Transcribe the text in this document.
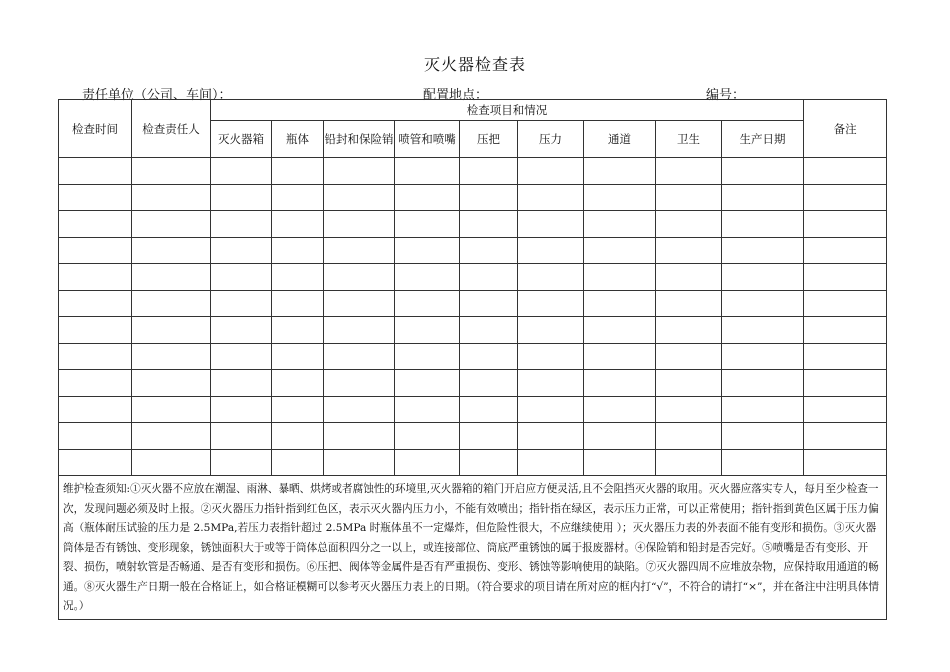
灭火器检查表
责任单位（公司、车间）：	配置地点：	编号：
检查时间	检查责任人	检查项目和情况									备注
		灭火器箱	瓶体	铅封和保险销	喷管和喷嘴	压把	压力	通道	卫生	生产日期	

维护检查须知:①灭火器不应放在潮湿、雨淋、暴晒、烘烤或者腐蚀性的环境里,灭火器箱的箱门开启应方便灵活,且不会阻挡灭火器的取用。灭火器应落实专人，每月至少检查一次，发现问题必须及时上报。②灭火器压力指针指到红色区，表示灭火器内压力小，不能有效喷出；指针指在绿区，表示压力正常，可以正常使用；指针指到黄色区属于压力偏高（瓶体耐压试验的压力是 2.5MPa,若压力表指针超过 2.5MPa 时瓶体虽不一定爆炸，但危险性很大，不应继续使用 ）；灭火器压力表的外表面不能有变形和损伤。③灭火器筒体是否有锈蚀、变形现象，锈蚀面积大于或等于筒体总面积四分之一以上，或连接部位、筒底严重锈蚀的属于报废器材。④保险销和铅封是否完好。⑤喷嘴是否有变形、开裂、损伤，喷射软管是否畅通、是否有变形和损伤。⑥压把、阀体等金属件是否有严重损伤、变形、锈蚀等影响使用的缺陷。⑦灭火器四周不应堆放杂物，应保持取用通道的畅通。⑧灭火器生产日期一般在合格证上，如合格证模糊可以参考灭火器压力表上的日期。（符合要求的项目请在所对应的框内打“√”，不符合的请打“×”，并在备注中注明具体情况。）											
